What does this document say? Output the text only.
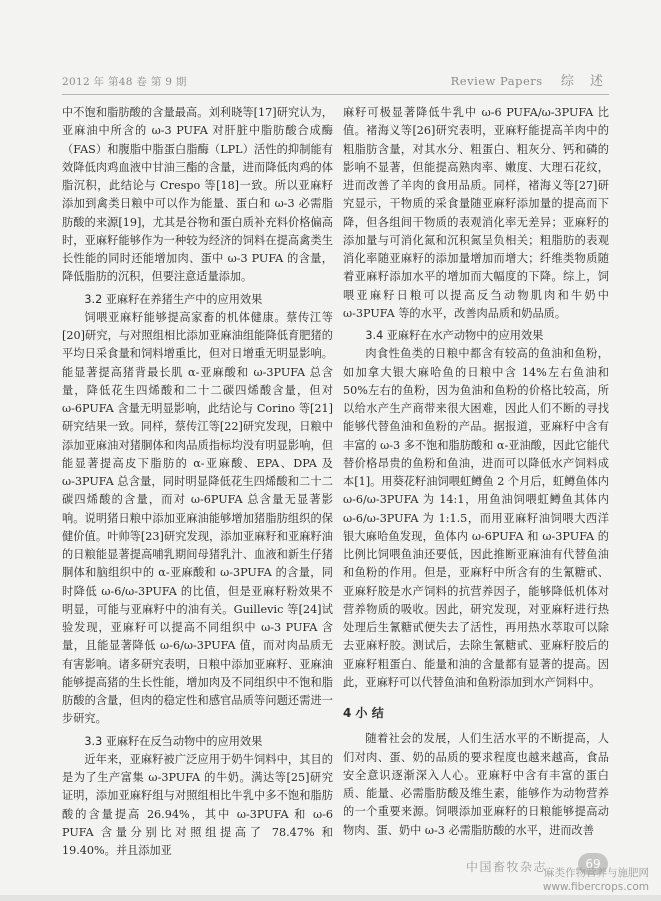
2012 年 第48 卷 第 9 期	Review Papers 综 述

中不饱和脂肪酸的含量最高。刘利晓等[17]研究认为，亚麻油中所含的 ω-3 PUFA 对肝脏中脂肪酸合成酶（FAS）和腹脂中脂蛋白脂酶（LPL）活性的抑制能有效降低肉鸡血液中甘油三酯的含量，进而降低肉鸡的体脂沉积，此结论与 Crespo 等[18]一致。所以亚麻籽添加到禽类日粮中可以作为能量、蛋白和 ω-3 必需脂肪酸的来源[19]，尤其是谷物和蛋白质补充料价格偏高时，亚麻籽能够作为一种较为经济的饲料在提高禽类生长性能的同时还能增加肉、蛋中 ω-3 PUFA 的含量，降低脂肪的沉积，但要注意适量添加。

3.2 亚麻籽在养猪生产中的应用效果

饲喂亚麻籽能够提高家畜的机体健康。蔡传江等[20]研究，与对照组相比添加亚麻油组能降低育肥猪的平均日采食量和饲料增重比，但对日增重无明显影响。能显著提高猪背最长肌 α-亚麻酸和 ω-3PUFA 总含量，降低花生四烯酸和二十二碳四烯酸含量，但对 ω-6PUFA 含量无明显影响，此结论与 Corino 等[21]研究结果一致。同样，蔡传江等[22]研究发现，日粮中添加亚麻油对猪胴体和肉品质指标均没有明显影响，但能显著提高皮下脂肪的 α-亚麻酸、EPA、DPA 及 ω-3PUFA 总含量，同时明显降低花生四烯酸和二十二碳四烯酸的含量，而对 ω-6PUFA 总含量无显著影响。说明猪日粮中添加亚麻油能够增加猪脂肪组织的保健价值。叶帅等[23]研究发现，添加亚麻籽和亚麻籽油的日粮能显著提高哺乳期间母猪乳汁、血液和新生仔猪胴体和脑组织中的 α-亚麻酸和 ω-3PUFA 的含量，同时降低 ω-6/ω-3PUFA 的比值，但是亚麻籽粉效果不明显，可能与亚麻籽中的油有关。Guillevic 等[24]试验发现，亚麻籽可以提高不同组织中 ω-3 PUFA 含量，且能显著降低 ω-6/ω-3PUFA 值，而对肉品质无有害影响。诸多研究表明，日粮中添加亚麻籽、亚麻油能够提高猪的生长性能，增加肉及不同组织中不饱和脂肪酸的含量，但肉的稳定性和感官品质等问题还需进一步研究。

3.3 亚麻籽在反刍动物中的应用效果

近年来，亚麻籽被广泛应用于奶牛饲料中，其目的是为了生产富集 ω-3PUFA 的牛奶。满达等[25]研究证明，添加亚麻籽组与对照组相比牛乳中多不饱和脂肪酸的含量提高 26.94%，其中 ω-3PUFA 和 ω-6 PUFA 含量分别比对照组提高了 78.47% 和 19.40%。并且添加亚

麻籽可极显著降低牛乳中 ω-6 PUFA/ω-3PUFA 比值。褚海义等[26]研究表明，亚麻籽能提高羊肉中的粗脂肪含量，对其水分、粗蛋白、粗灰分、钙和磷的影响不显著，但能提高熟肉率、嫩度、大理石花纹，进而改善了羊肉的食用品质。同样，褚海义等[27]研究显示，干物质的采食量随亚麻籽添加量的提高而下降，但各组间干物质的表观消化率无差异；亚麻籽的添加量与可消化氮和沉积氮呈负相关；粗脂肪的表观消化率随亚麻籽的添加量增加而增大；纤维类物质随着亚麻籽添加水平的增加而大幅度的下降。综上，饲喂亚麻籽日粮可以提高反刍动物肌肉和牛奶中 ω-3PUFA 等的水平，改善肉品质和奶品质。

3.4 亚麻籽在水产动物中的应用效果

肉食性鱼类的日粮中都含有较高的鱼油和鱼粉，如加拿大银大麻哈鱼的日粮中含 14%左右鱼油和 50%左右的鱼粉，因为鱼油和鱼粉的价格比较高，所以给水产生产商带来很大困难，因此人们不断的寻找能够代替鱼油和鱼粉的产品。据报道，亚麻籽中含有丰富的 ω-3 多不饱和脂肪酸和 α-亚油酸，因此它能代替价格昂贵的鱼粉和鱼油，进而可以降低水产饲料成本[1]。用葵花籽油饲喂虹鳟鱼 2 个月后，虹鳟鱼体内 ω-6/ω-3PUFA 为 14:1，用鱼油饲喂虹鳟鱼其体内 ω-6/ω-3PUFA 为 1:1.5，而用亚麻籽油饲喂大西洋银大麻哈鱼发现，鱼体内 ω-6PUFA 和 ω-3PUFA 的比例比饲喂鱼油还要低，因此推断亚麻油有代替鱼油和鱼粉的作用。但是，亚麻籽中所含有的生氰糖甙、亚麻籽胶是水产饲料的抗营养因子，能够降低机体对营养物质的吸收。因此，研究发现，对亚麻籽进行热处理后生氰糖甙便失去了活性，再用热水萃取可以除去亚麻籽胶。测试后，去除生氰糖甙、亚麻籽胶后的亚麻籽粗蛋白、能量和油的含量都有显著的提高。因此，亚麻籽可以代替鱼油和鱼粉添加到水产饲料中。

4 小 结

随着社会的发展，人们生活水平的不断提高，人们对肉、蛋、奶的品质的要求程度也越来越高，食品安全意识逐渐深入人心。亚麻籽中含有丰富的蛋白质、能量、必需脂肪酸及维生素，能够作为动物营养的一个重要来源。饲喂添加亚麻籽的日粮能够提高动物肉、蛋、奶中 ω-3 必需脂肪酸的水平，进而改善

中国畜牧杂志	69
麻类作物营养与施肥网
www.fibercrops.com
